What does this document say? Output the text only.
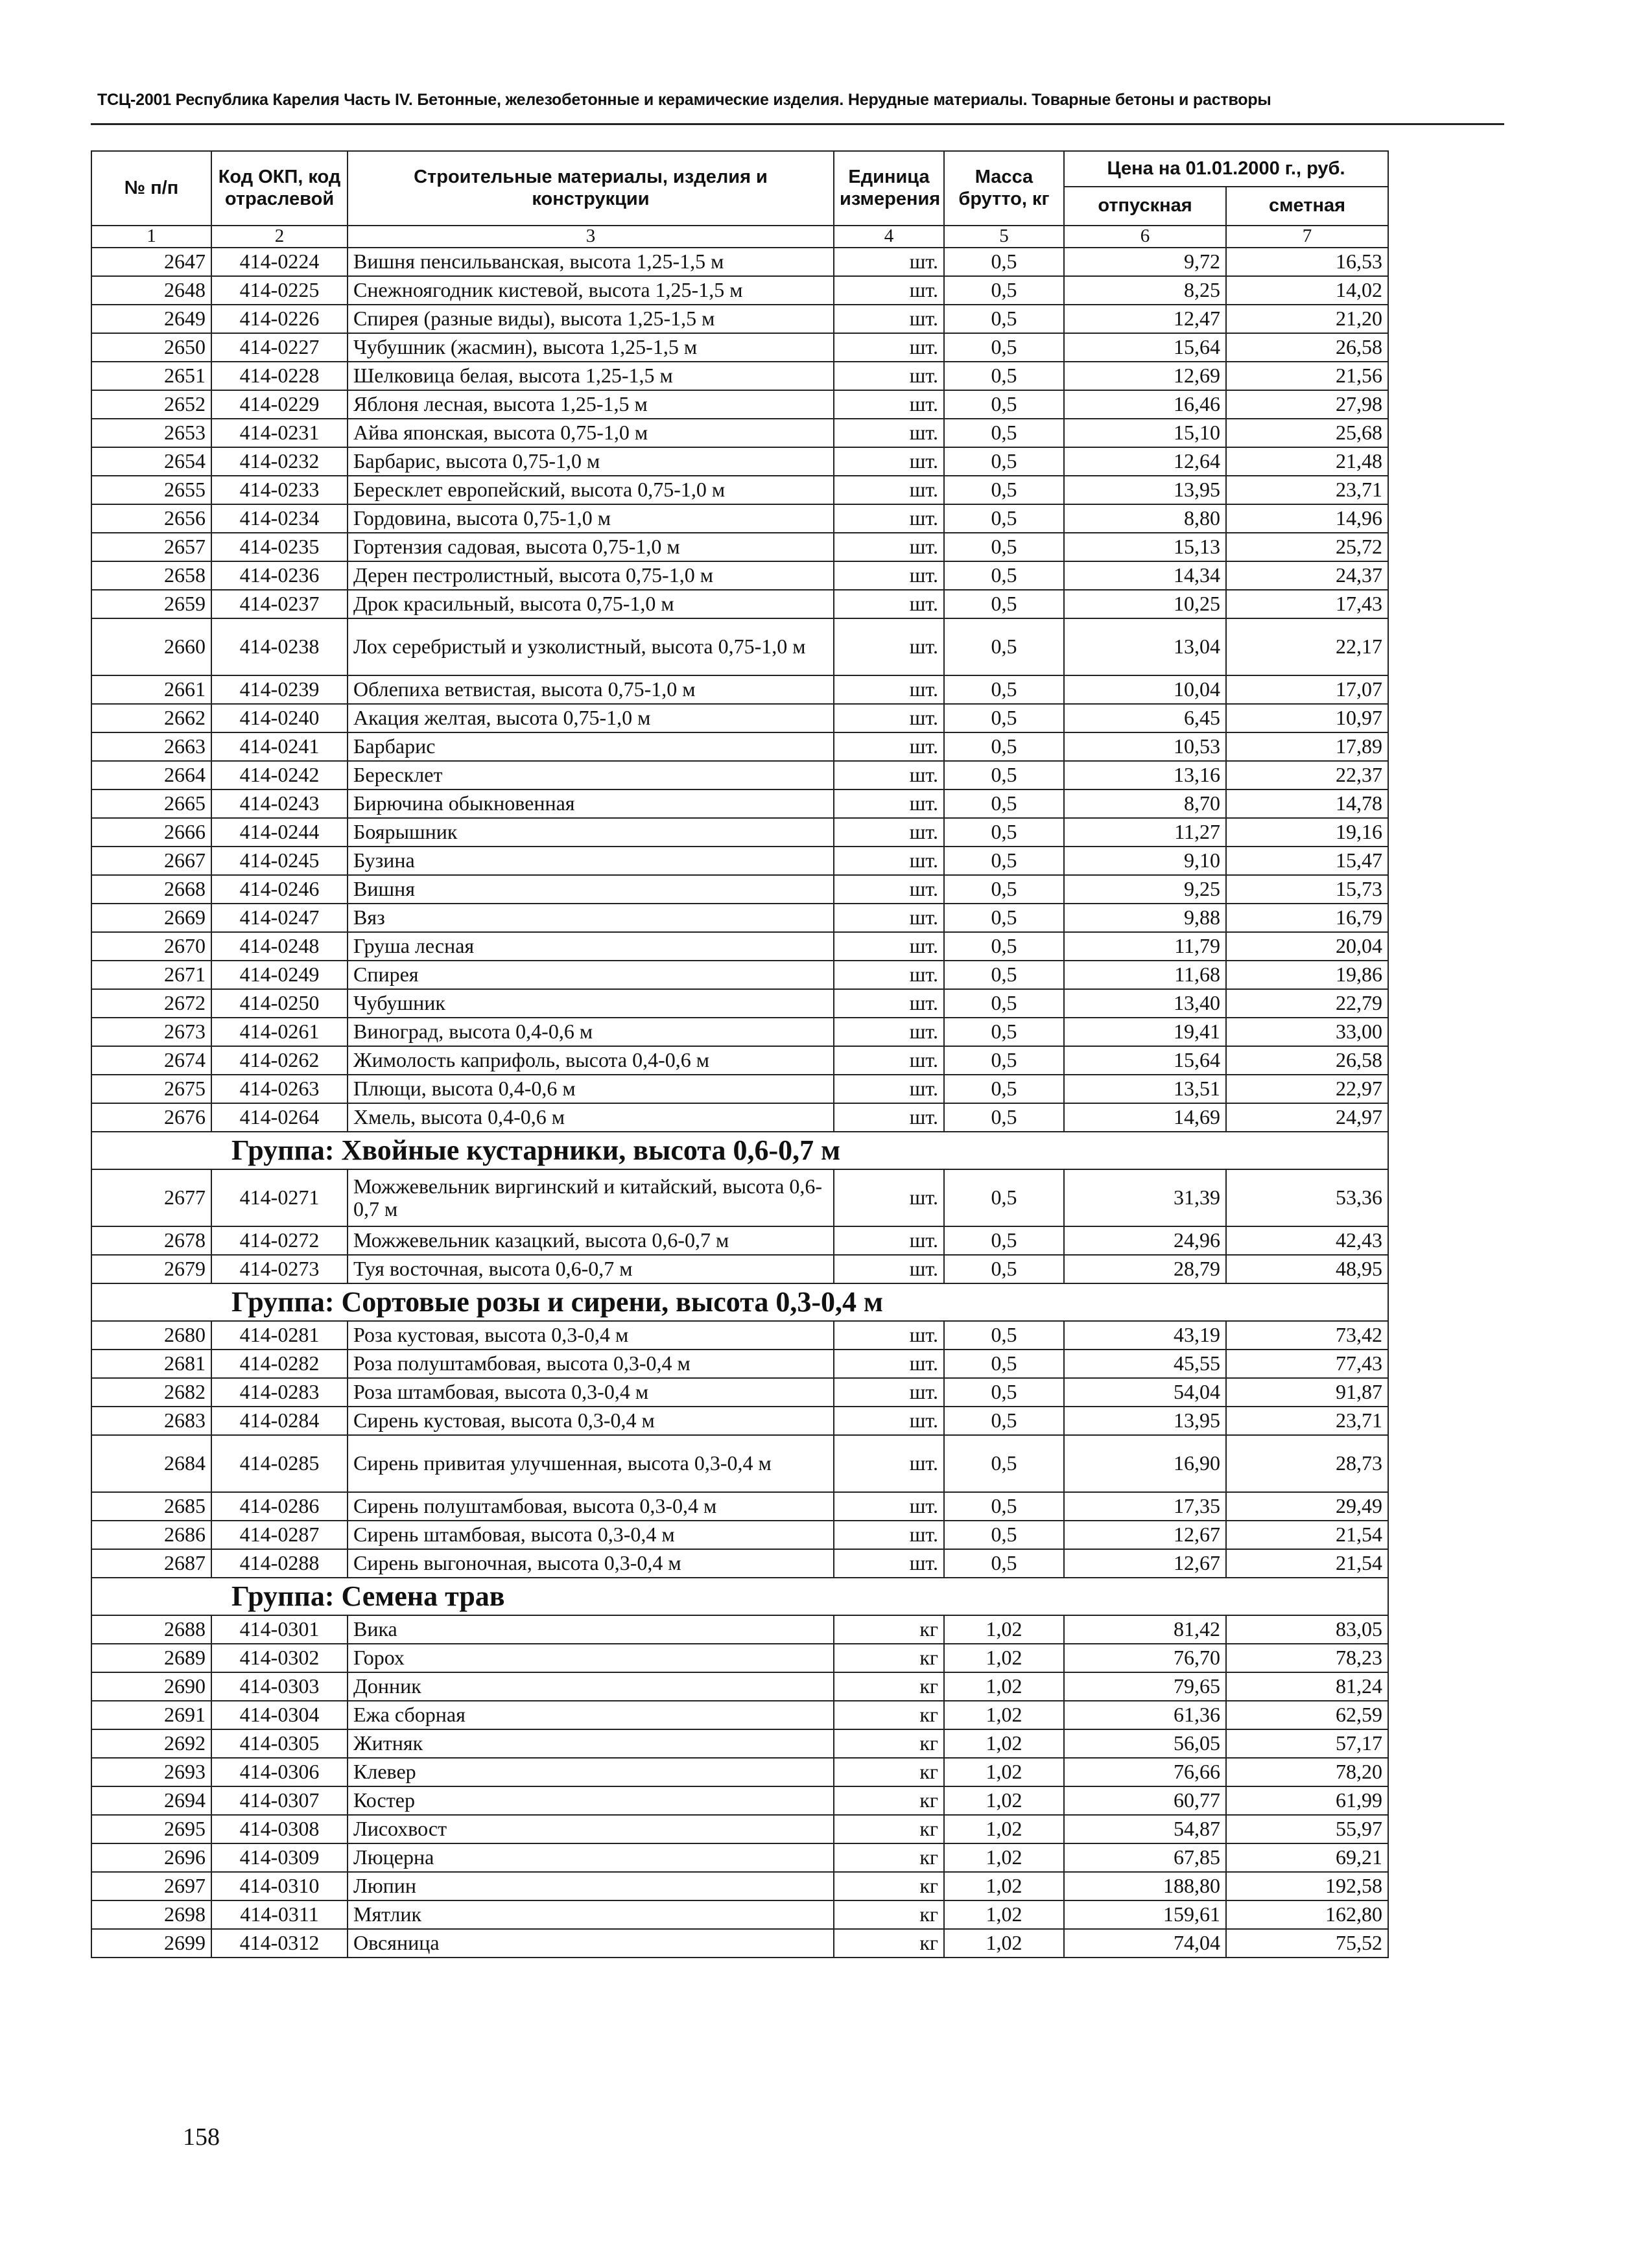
ТСЦ-2001 Республика Карелия Часть IV. Бетонные, железобетонные и керамические изделия. Нерудные материалы. Товарные бетоны и растворы
№ п/п	Код ОКП, код отраслевой	Строительные материалы, изделия и конструкции	Единица измерения	Масса брутто, кг	Цена на 01.01.2000 г., руб.	
					отпускная	сметная
1	2	3	4	5	6	7
2647	414-0224	Вишня пенсильванская, высота 1,25-1,5 м	шт.	0,5	9,72	16,53
2648	414-0225	Снежноягодник кистевой, высота 1,25-1,5 м	шт.	0,5	8,25	14,02
2649	414-0226	Спирея (разные виды), высота 1,25-1,5 м	шт.	0,5	12,47	21,20
2650	414-0227	Чубушник (жасмин), высота 1,25-1,5 м	шт.	0,5	15,64	26,58
2651	414-0228	Шелковица белая, высота 1,25-1,5 м	шт.	0,5	12,69	21,56
2652	414-0229	Яблоня лесная, высота 1,25-1,5 м	шт.	0,5	16,46	27,98
2653	414-0231	Айва японская, высота 0,75-1,0 м	шт.	0,5	15,10	25,68
2654	414-0232	Барбарис, высота 0,75-1,0 м	шт.	0,5	12,64	21,48
2655	414-0233	Бересклет европейский, высота 0,75-1,0 м	шт.	0,5	13,95	23,71
2656	414-0234	Гордовина, высота 0,75-1,0 м	шт.	0,5	8,80	14,96
2657	414-0235	Гортензия садовая, высота 0,75-1,0 м	шт.	0,5	15,13	25,72
2658	414-0236	Дерен пестролистный, высота 0,75-1,0 м	шт.	0,5	14,34	24,37
2659	414-0237	Дрок красильный, высота 0,75-1,0 м	шт.	0,5	10,25	17,43
2660	414-0238	Лох серебристый и узколистный, высота 0,75-1,0 м	шт.	0,5	13,04	22,17
2661	414-0239	Облепиха ветвистая, высота 0,75-1,0 м	шт.	0,5	10,04	17,07
2662	414-0240	Акация желтая, высота 0,75-1,0 м	шт.	0,5	6,45	10,97
2663	414-0241	Барбарис	шт.	0,5	10,53	17,89
2664	414-0242	Бересклет	шт.	0,5	13,16	22,37
2665	414-0243	Бирючина обыкновенная	шт.	0,5	8,70	14,78
2666	414-0244	Боярышник	шт.	0,5	11,27	19,16
2667	414-0245	Бузина	шт.	0,5	9,10	15,47
2668	414-0246	Вишня	шт.	0,5	9,25	15,73
2669	414-0247	Вяз	шт.	0,5	9,88	16,79
2670	414-0248	Груша лесная	шт.	0,5	11,79	20,04
2671	414-0249	Спирея	шт.	0,5	11,68	19,86
2672	414-0250	Чубушник	шт.	0,5	13,40	22,79
2673	414-0261	Виноград, высота 0,4-0,6 м	шт.	0,5	19,41	33,00
2674	414-0262	Жимолость каприфоль, высота 0,4-0,6 м	шт.	0,5	15,64	26,58
2675	414-0263	Плющи, высота 0,4-0,6 м	шт.	0,5	13,51	22,97
2676	414-0264	Хмель, высота 0,4-0,6 м	шт.	0,5	14,69	24,97
Группа: Хвойные кустарники, высота 0,6-0,7 м						
2677	414-0271	Можжевельник виргинский и китайский, высота 0,6-0,7 м	шт.	0,5	31,39	53,36
2678	414-0272	Можжевельник казацкий, высота 0,6-0,7 м	шт.	0,5	24,96	42,43
2679	414-0273	Туя восточная, высота 0,6-0,7 м	шт.	0,5	28,79	48,95
Группа: Сортовые розы и сирени, высота 0,3-0,4 м						
2680	414-0281	Роза кустовая, высота 0,3-0,4 м	шт.	0,5	43,19	73,42
2681	414-0282	Роза полуштамбовая, высота 0,3-0,4 м	шт.	0,5	45,55	77,43
2682	414-0283	Роза штамбовая, высота 0,3-0,4 м	шт.	0,5	54,04	91,87
2683	414-0284	Сирень кустовая, высота 0,3-0,4 м	шт.	0,5	13,95	23,71
2684	414-0285	Сирень привитая улучшенная, высота 0,3-0,4 м	шт.	0,5	16,90	28,73
2685	414-0286	Сирень полуштамбовая, высота 0,3-0,4 м	шт.	0,5	17,35	29,49
2686	414-0287	Сирень штамбовая, высота 0,3-0,4 м	шт.	0,5	12,67	21,54
2687	414-0288	Сирень выгоночная, высота 0,3-0,4 м	шт.	0,5	12,67	21,54
Группа: Семена трав						
2688	414-0301	Вика	кг	1,02	81,42	83,05
2689	414-0302	Горох	кг	1,02	76,70	78,23
2690	414-0303	Донник	кг	1,02	79,65	81,24
2691	414-0304	Ежа сборная	кг	1,02	61,36	62,59
2692	414-0305	Житняк	кг	1,02	56,05	57,17
2693	414-0306	Клевер	кг	1,02	76,66	78,20
2694	414-0307	Костер	кг	1,02	60,77	61,99
2695	414-0308	Лисохвост	кг	1,02	54,87	55,97
2696	414-0309	Люцерна	кг	1,02	67,85	69,21
2697	414-0310	Люпин	кг	1,02	188,80	192,58
2698	414-0311	Мятлик	кг	1,02	159,61	162,80
2699	414-0312	Овсяница	кг	1,02	74,04	75,52
158
